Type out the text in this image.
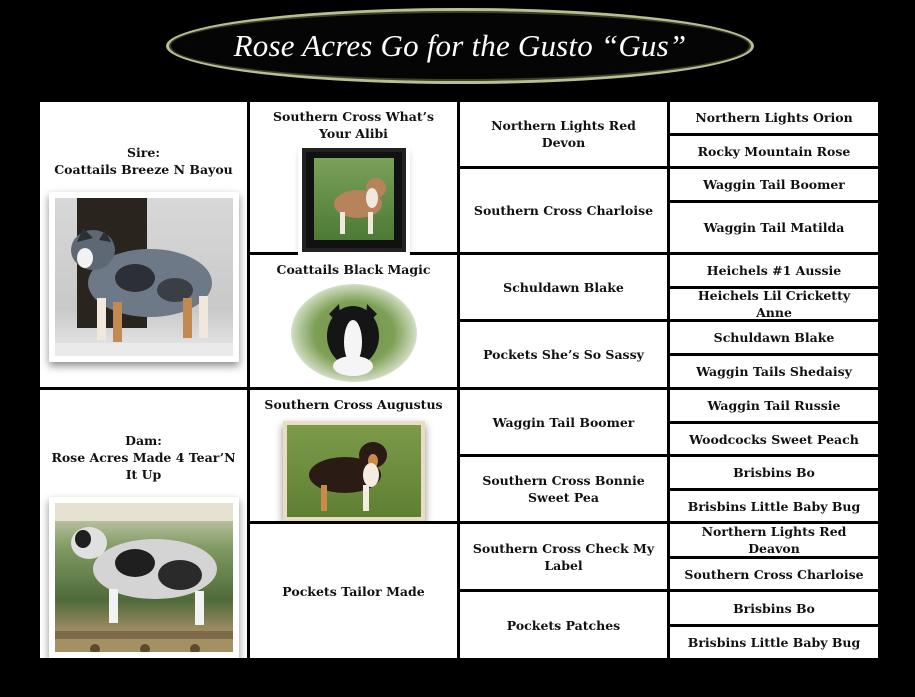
Rose Acres Go for the Gusto “Gus”
Sire:
Coattails Breeze N Bayou
Dam:
Rose Acres Made 4 Tear’N It Up
Southern Cross What’s Your Alibi
Coattails Black Magic
Southern Cross Augustus
Pockets Tailor Made
Northern Lights Red Devon
Southern Cross Charloise
Schuldawn Blake
Pockets She’s So Sassy
Waggin Tail Boomer
Southern Cross Bonnie Sweet Pea
Southern Cross Check My Label
Pockets Patches
Northern Lights Orion
Rocky Mountain Rose
Waggin Tail Boomer
Waggin Tail Matilda
Heichels #1 Aussie
Heichels Lil Cricketty Anne
Schuldawn Blake
Waggin Tails Shedaisy
Waggin Tail Russie
Woodcocks Sweet Peach
Brisbins Bo
Brisbins Little Baby Bug
Northern Lights Red Deavon
Southern Cross Charloise
Brisbins Bo
Brisbins Little Baby Bug
